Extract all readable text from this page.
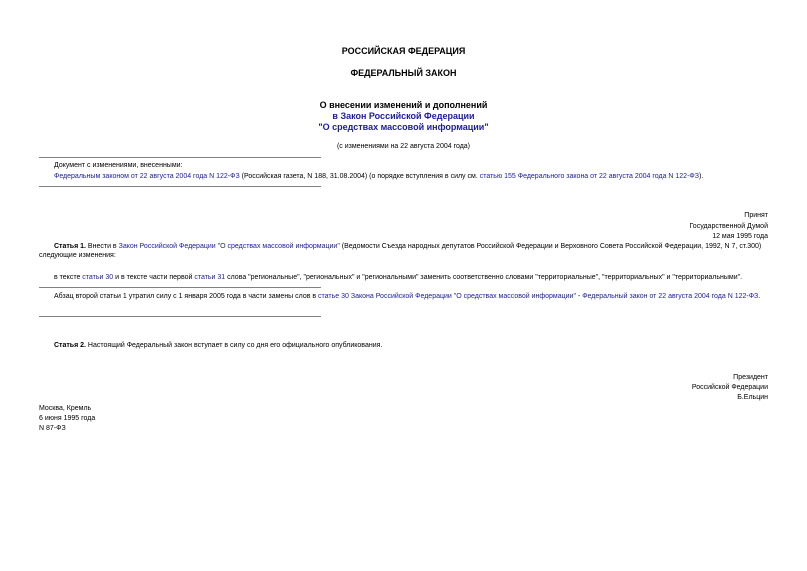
РОССИЙСКАЯ ФЕДЕРАЦИЯ
ФЕДЕРАЛЬНЫЙ ЗАКОН
О внесении изменений и дополнений
в Закон Российской Федерации
"О средствах массовой информации"
(с изменениями на 22 августа 2004 года)
Документ с изменениями, внесенными:
Федеральным законом от 22 августа 2004 года N 122-ФЗ (Российская газета, N 188, 31.08.2004) (о порядке вступления в силу см. статью 155 Федерального закона от 22 августа 2004 года N 122-ФЗ).
Принят
Государственной Думой
12 мая 1995 года
Статья 1. Внести в Закон Российской Федерации "О средствах массовой информации" (Ведомости Съезда народных депутатов Российской Федерации и Верховного Совета Российской Федерации, 1992, N 7, ст.300) следующие изменения:
в тексте статьи 30 и в тексте части первой статьи 31 слова "региональные", "региональных" и "региональными" заменить соответственно словами "территориальные", "территориальных" и "территориальными".
Абзац второй статьи 1 утратил силу с 1 января 2005 года в части замены слов в статье 30 Закона Российской Федерации "О средствах массовой информации" - Федеральный закон от 22 августа 2004 года N 122-ФЗ.
Статья 2. Настоящий Федеральный закон вступает в силу со дня его официального опубликования.
Президент
Российской Федерации
Б.Ельцин
Москва, Кремль
6 июня 1995 года
N 87-ФЗ
